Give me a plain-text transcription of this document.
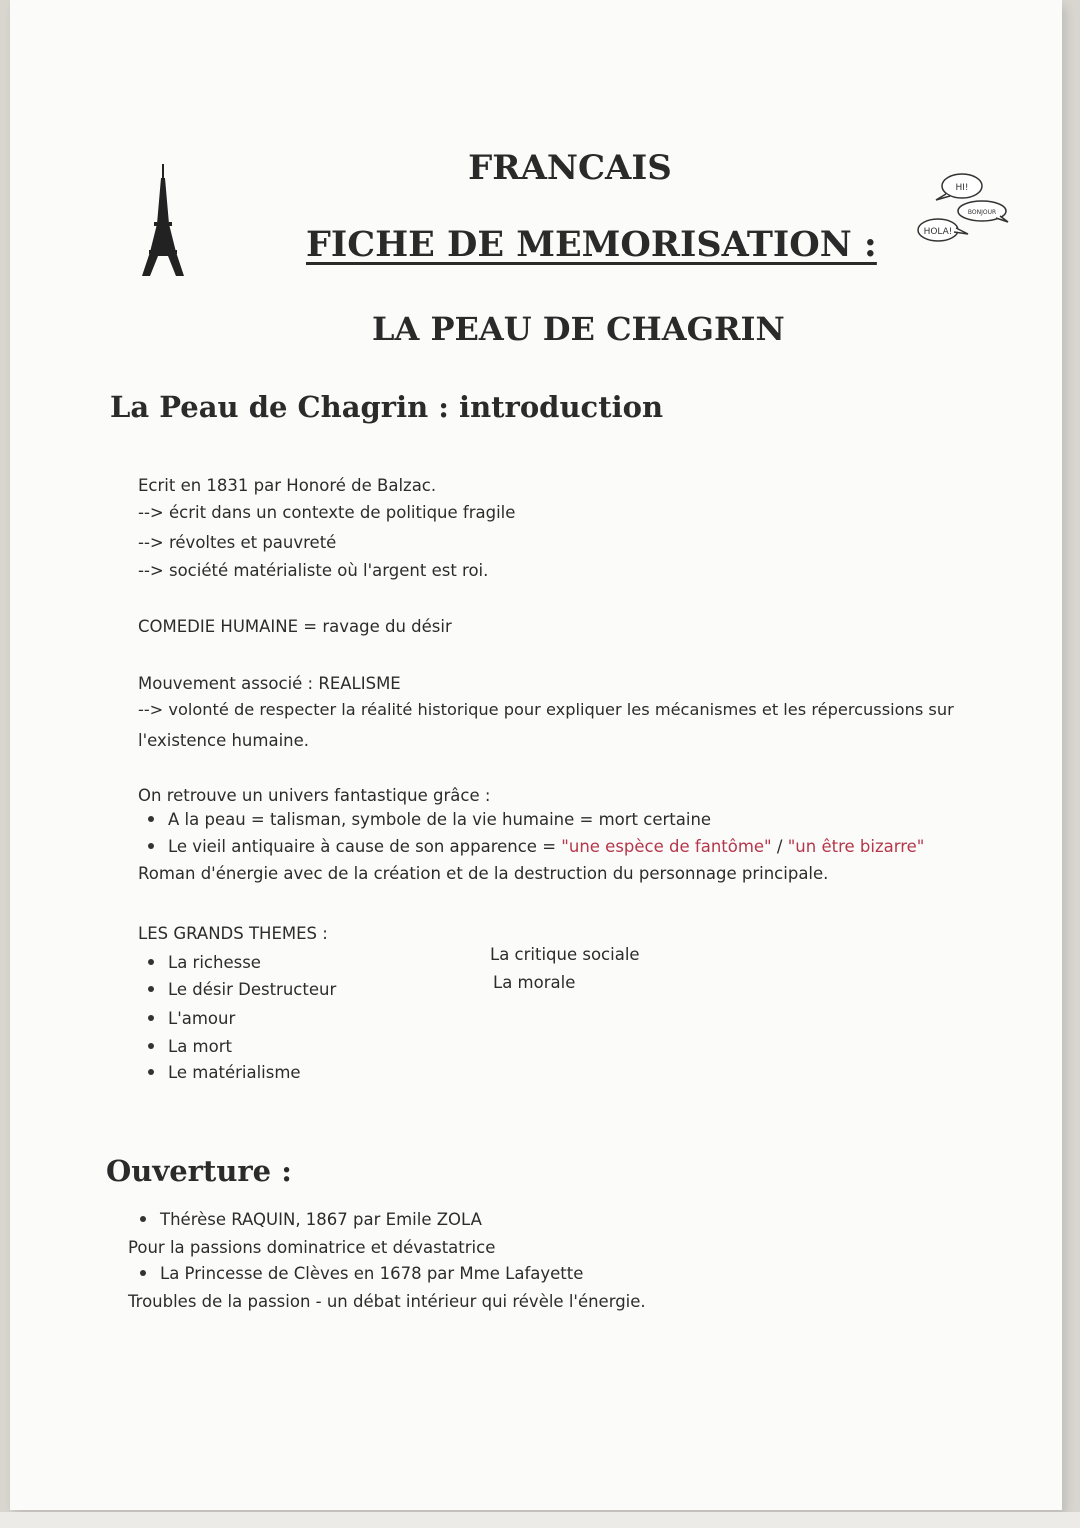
HI!
BONJOUR
HOLA!
FRANCAIS
FICHE DE MEMORISATION :
LA PEAU DE CHAGRIN
La Peau de Chagrin : introduction
Ecrit en 1831 par Honoré de Balzac.
--> écrit dans un contexte de politique fragile
--> révoltes et pauvreté
--> société matérialiste où l'argent est roi.
COMEDIE HUMAINE = ravage du désir
Mouvement associé : REALISME
--> volonté de respecter la réalité historique pour expliquer les mécanismes et les répercussions sur
l'existence humaine.
On retrouve un univers fantastique grâce :
A la peau = talisman, symbole de la vie humaine = mort certaine
Le vieil antiquaire à cause de son apparence = "une espèce de fantôme" / "un être bizarre"
Roman d'énergie avec de la création et de la destruction du personnage principale.
LES GRANDS THEMES :
La richesse
Le désir Destructeur
L'amour
La mort
Le matérialisme
La critique sociale
La morale
Ouverture :
Thérèse RAQUIN, 1867 par Emile ZOLA
Pour la passions dominatrice et dévastatrice
La Princesse de Clèves en 1678 par Mme Lafayette
Troubles de la passion - un débat intérieur qui révèle l'énergie.
